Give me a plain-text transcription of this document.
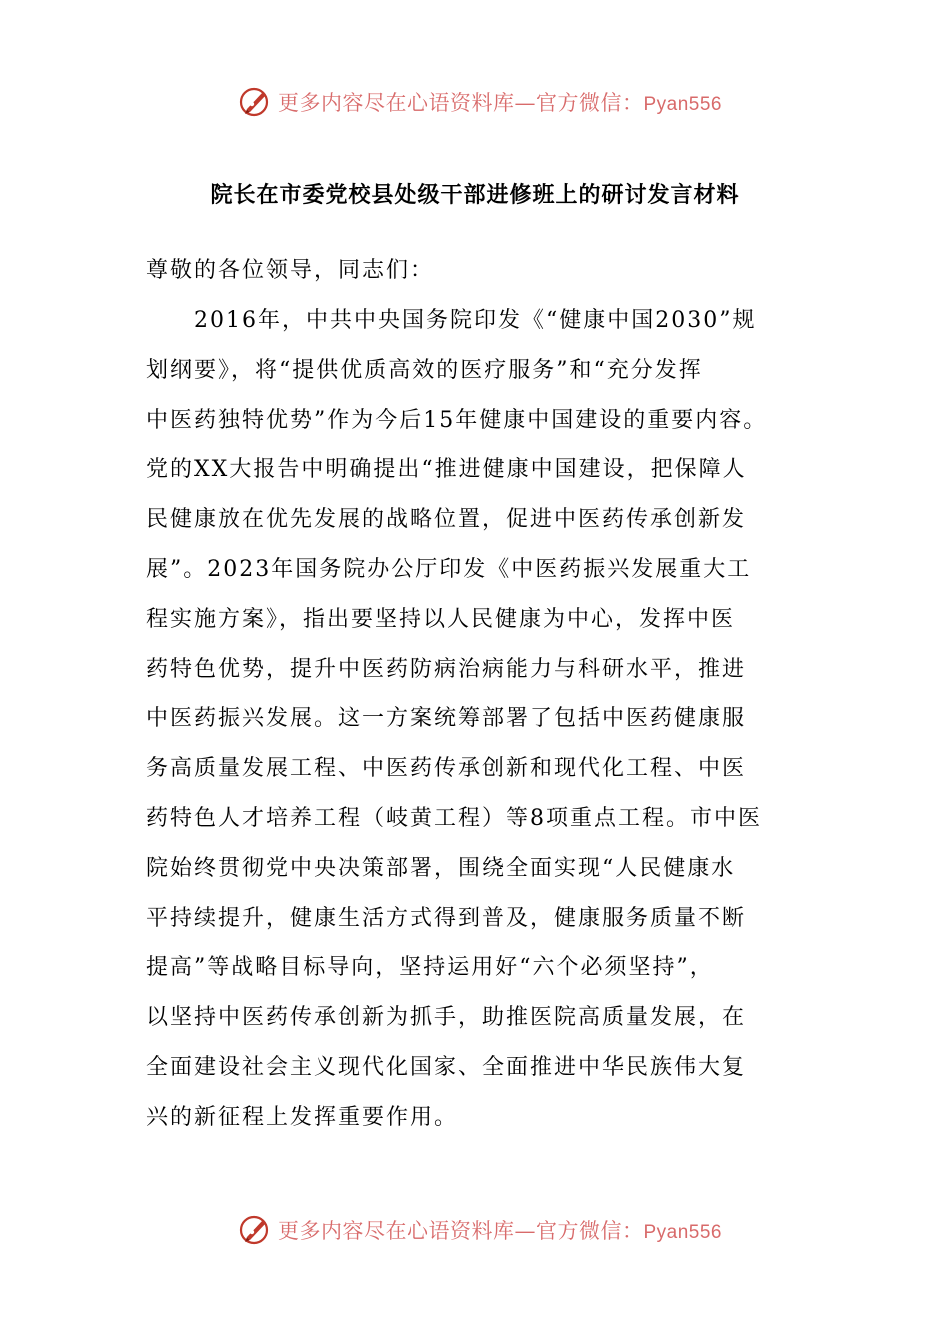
更多内容尽在心语资料库—官方微信：Pyan556
院长在市委党校县处级干部进修班上的研讨发言材料
尊敬的各位领导，同志们：
2016年，中共中央国务院印发《“健康中国2030”规
划纲要》，将“提供优质高效的医疗服务”和“充分发挥
中医药独特优势”作为今后15年健康中国建设的重要内容。
党的XX大报告中明确提出“推进健康中国建设，把保障人
民健康放在优先发展的战略位置，促进中医药传承创新发
展”。2023年国务院办公厅印发《中医药振兴发展重大工
程实施方案》，指出要坚持以人民健康为中心，发挥中医
药特色优势，提升中医药防病治病能力与科研水平，推进
中医药振兴发展。这一方案统筹部署了包括中医药健康服
务高质量发展工程、中医药传承创新和现代化工程、中医
药特色人才培养工程（岐黄工程）等8项重点工程。市中医
院始终贯彻党中央决策部署，围绕全面实现“人民健康水
平持续提升，健康生活方式得到普及，健康服务质量不断
提高”等战略目标导向，坚持运用好“六个必须坚持”，
以坚持中医药传承创新为抓手，助推医院高质量发展，在
全面建设社会主义现代化国家、全面推进中华民族伟大复
兴的新征程上发挥重要作用。
更多内容尽在心语资料库—官方微信：Pyan556
